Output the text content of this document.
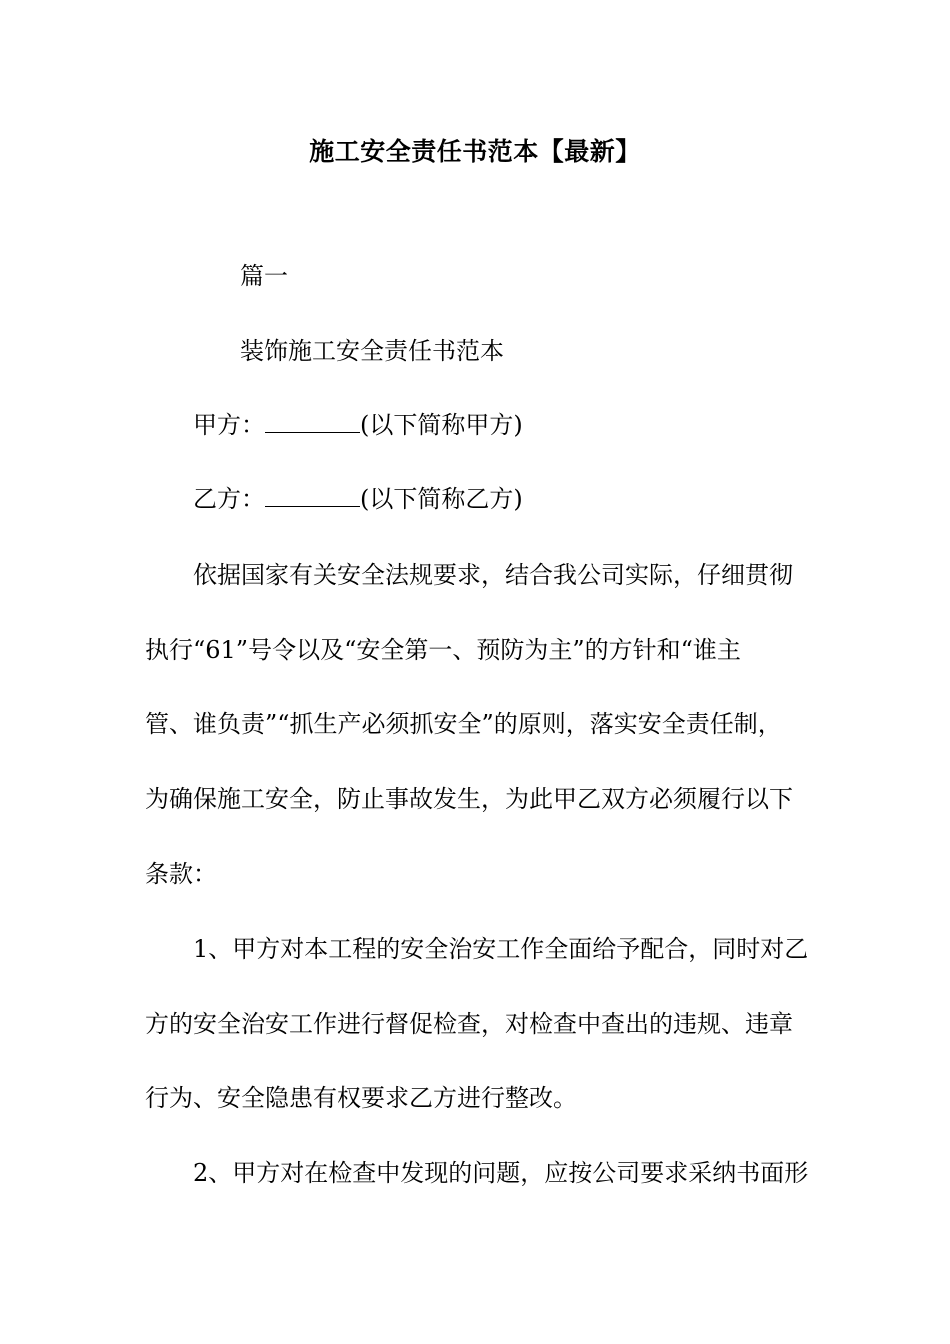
施工安全责任书范本【最新】
篇一
装饰施工安全责任书范本
甲方：	(以下简称甲方)
乙方：	(以下简称乙方)
依据国家有关安全法规要求，结合我公司实际，仔细贯彻
执行“61”号令以及“安全第一、预防为主”的方针和“谁主
管、谁负责”“抓生产必须抓安全”的原则，落实安全责任制，
为确保施工安全，防止事故发生，为此甲乙双方必须履行以下
条款：
1、甲方对本工程的安全治安工作全面给予配合，同时对乙
方的安全治安工作进行督促检查，对检查中查出的违规、违章
行为、安全隐患有权要求乙方进行整改。
2、甲方对在检查中发现的问题，应按公司要求采纳书面形
